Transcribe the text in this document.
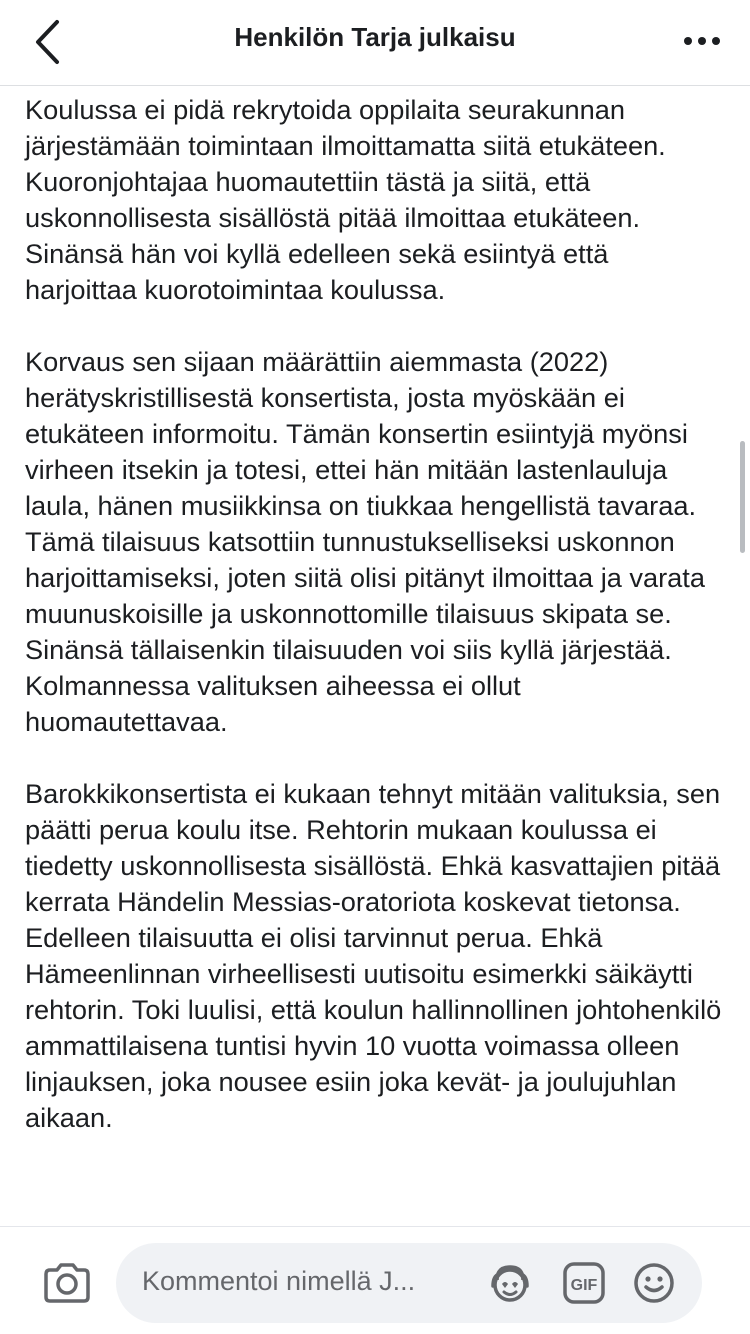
Henkilön Tarja julkaisu

Koulussa ei pidä rekrytoida oppilaita seurakunnan järjestämään toimintaan ilmoittamatta siitä etukäteen. Kuoronjohtajaa huomautettiin tästä ja siitä, että uskonnollisesta sisällöstä pitää ilmoittaa etukäteen. Sinänsä hän voi kyllä edelleen sekä esiintyä että harjoittaa kuorotoimintaa koulussa.

Korvaus sen sijaan määrättiin aiemmasta (2022) herätyskristillisestä konsertista, josta myöskään ei etukäteen informoitu. Tämän konsertin esiintyjä myönsi virheen itsekin ja totesi, ettei hän mitään lastenlauluja laula, hänen musiikkinsa on tiukkaa hengellistä tavaraa. Tämä tilaisuus katsottiin tunnustukselliseksi uskonnon harjoittamiseksi, joten siitä olisi pitänyt ilmoittaa ja varata muunuskoisille ja uskonnottomille tilaisuus skipata se. Sinänsä tällaisenkin tilaisuuden voi siis kyllä järjestää. Kolmannessa valituksen aiheessa ei ollut huomautettavaa.

Barokkikonsertista ei kukaan tehnyt mitään valituksia, sen päätti perua koulu itse. Rehtorin mukaan koulussa ei tiedetty uskonnollisesta sisällöstä. Ehkä kasvattajien pitää kerrata Händelin Messias-oratoriota koskevat tietonsa. Edelleen tilaisuutta ei olisi tarvinnut perua. Ehkä Hämeenlinnan virheellisesti uutisoitu esimerkki säikäytti rehtorin. Toki luulisi, että koulun hallinnollinen johtohenkilö ammattilaisena tuntisi hyvin 10 vuotta voimassa olleen linjauksen, joka nousee esiin joka kevät- ja joulujuhlan aikaan.

Kommentoi nimellä J...	GIF
